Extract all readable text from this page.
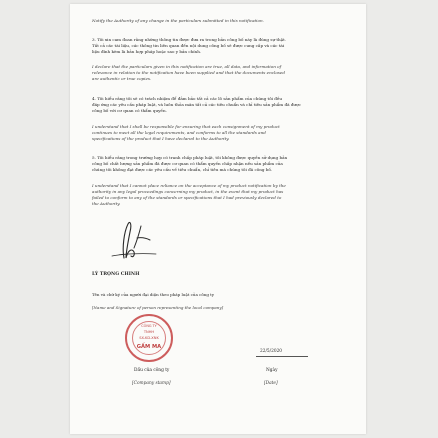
Notify the Authority of any change in the particulars submitted in this notification.
3. Tôi xin cam đoan rằng những thông tin được đưa ra trong bản công bố này là đúng sự thật.
Tất cả các tài liệu, các thông tin liên quan đến nội dung công bố sẽ được cung cấp và các tài
liệu đính kèm là bản hợp pháp hoặc sao y bản chính.
I declare that the particulars given in this notification are true, all data, and information of
relevance in relation to the notification have been supplied and that the documents enclosed
are authentic or true copies.
4. Tôi hiểu rằng tôi sẽ có trách nhiệm để đảm bảo tất cả các lô sản phẩm của chúng tôi đều
đáp ứng các yêu cầu pháp luật, và luôn thỏa mãn tất cả các tiêu chuẩn và chỉ tiêu sản phẩm đã được
công bố với cơ quan có thẩm quyền.
I understand that I shall be responsible for ensuring that each consignment of my product
continues to meet all the legal requirements, and conforms to all the standards and
specifications of the product that I have declared to the Authority.
5. Tôi hiểu rằng trong trường hợp có tranh chấp pháp luật, tôi không được quyền sử dụng bản
công bố chất lượng sản phẩm đã được cơ quan có thẩm quyền chấp nhận nếu sản phẩm của
chúng tôi không đạt được các yêu cầu về tiêu chuẩn, chỉ tiêu mà chúng tôi đã công bố.
I understand that I cannot place reliance on the acceptance of my product notification by the
authority in any legal proceedings concerning my product, in the event that my product has
failed to conform to any of the standards or specifications that I had previously declared to
the Authority.
LÝ TRỌNG CHINH
Tên và chữ ký của người đại diện theo pháp luật của công ty
[Name and Signature of person representing the local company]
CÔNG TY
TNHH
SX-KD-XNK
GẤM MA
22/5/2020
Dấu của công ty
[Company stamp]
Ngày
[Date]
